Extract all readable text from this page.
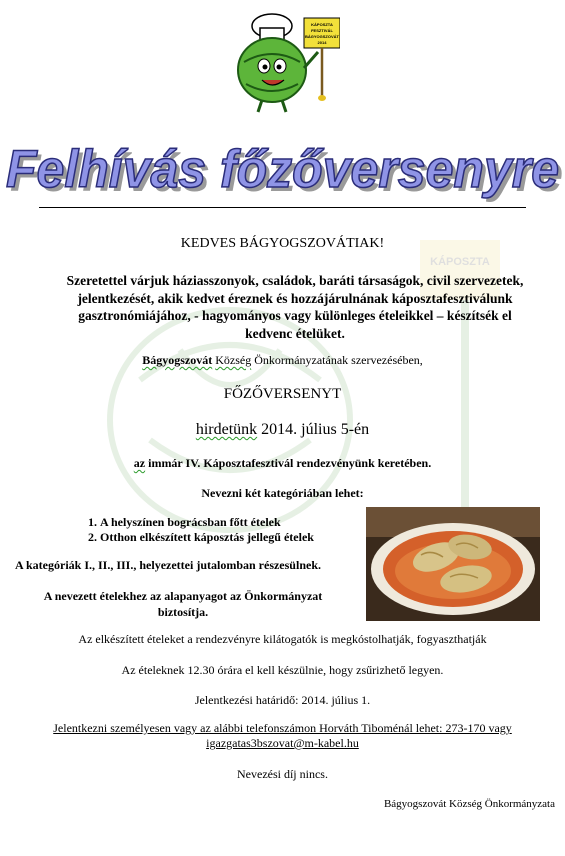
KÁPOSZTA
KÁPOSZTA
FESZTIVÁL
BÁGYOGSZOVÁT
2014
Felhívás főzőversenyre
KEDVES BÁGYOGSZOVÁTIAK!
Szeretettel várjuk háziasszonyok, családok, baráti társaságok, civil szervezetek,
jelentkezését, akik kedvet éreznek és hozzájárulnának káposztafesztiválunk
gasztronómiájához, - hagyományos vagy különleges ételeikkel – készítsék el
kedvenc ételüket.
Bágyogszovát Község Önkormányzatának szervezésében,
FŐZŐVERSENYT
hirdetünk 2014. július 5-én
az immár IV. Káposztafesztivál rendezvényünk keretében.
Nevezni két kategóriában lehet:
1. A helyszínen bográcsban főtt ételek
2. Otthon elkészített káposztás jellegű ételek
A kategóriák I., II., III., helyezettei jutalomban részesülnek.
A nevezett ételekhez az alapanyagot az Önkormányzat
biztosítja.
Az elkészített ételeket a rendezvényre kilátogatók is megkóstolhatják, fogyaszthatják
Az ételeknek 12.30 órára el kell készülnie, hogy zsűrizhető legyen.
Jelentkezési határidő: 2014. július 1.
Jelentkezni személyesen vagy az alábbi telefonszámon Horváth Tiboménál lehet: 273-170 vagy
igazgatas3bszovat@m-kabel.hu
Nevezési díj nincs.
Bágyogszovát Község Önkormányzata
